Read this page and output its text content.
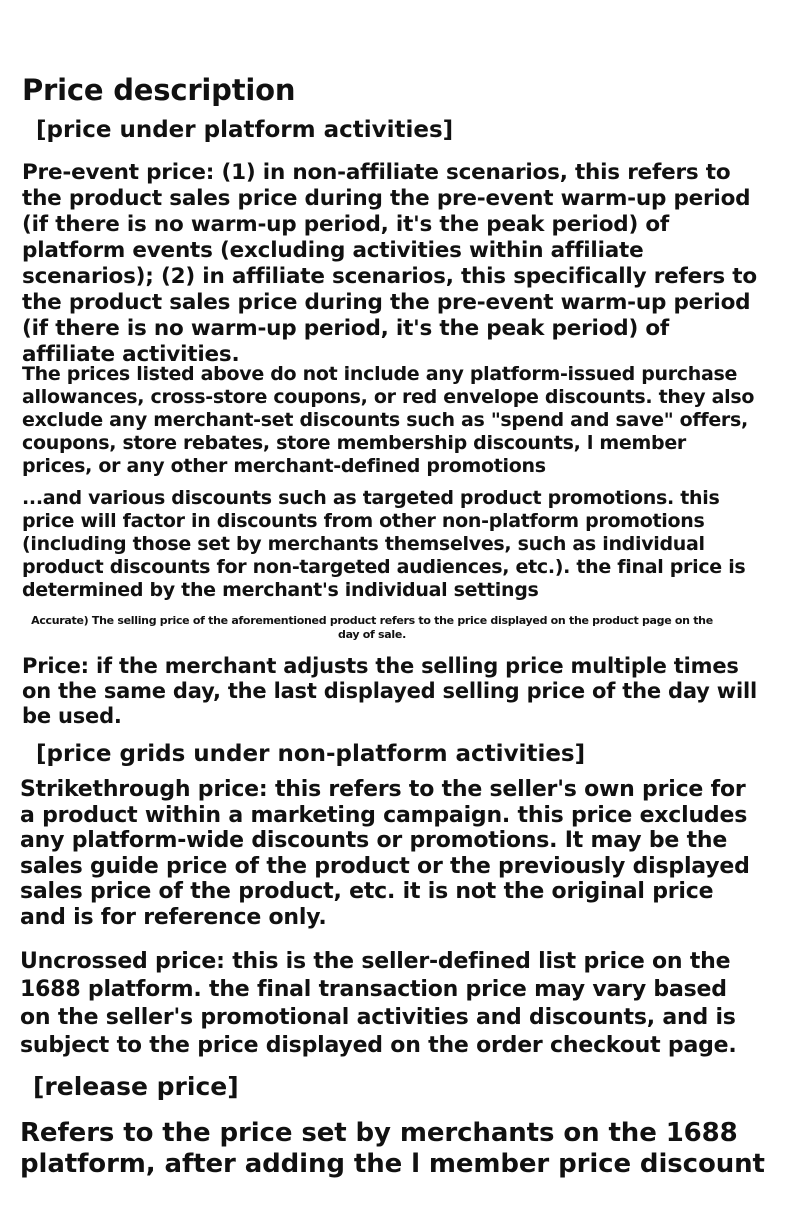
Price description
[price under platform activities]

Pre-event price: (1) in non-affiliate scenarios, this refers to the product sales price during the pre-event warm-up period (if there is no warm-up period, it's the peak period) of platform events (excluding activities within affiliate scenarios); (2) in affiliate scenarios, this specifically refers to the product sales price during the pre-event warm-up period (if there is no warm-up period, it's the peak period) of affiliate activities.

The prices listed above do not include any platform-issued purchase allowances, cross-store coupons, or red envelope discounts. they also exclude any merchant-set discounts such as "spend and save" offers, coupons, store rebates, store membership discounts, l member prices, or any other merchant-defined promotions

...and various discounts such as targeted product promotions. this price will factor in discounts from other non-platform promotions (including those set by merchants themselves, such as individual product discounts for non-targeted audiences, etc.). the final price is determined by the merchant's individual settings

Accurate) The selling price of the aforementioned product refers to the price displayed on the product page on the day of sale.

Price: if the merchant adjusts the selling price multiple times on the same day, the last displayed selling price of the day will be used.

[price grids under non-platform activities]

Strikethrough price: this refers to the seller's own price for a product within a marketing campaign. this price excludes any platform-wide discounts or promotions. It may be the sales guide price of the product or the previously displayed sales price of the product, etc. it is not the original price and is for reference only.

Uncrossed price: this is the seller-defined list price on the 1688 platform. the final transaction price may vary based on the seller's promotional activities and discounts, and is subject to the price displayed on the order checkout page.

[release price]

Refers to the price set by merchants on the 1688 platform, after adding the l member price discount
